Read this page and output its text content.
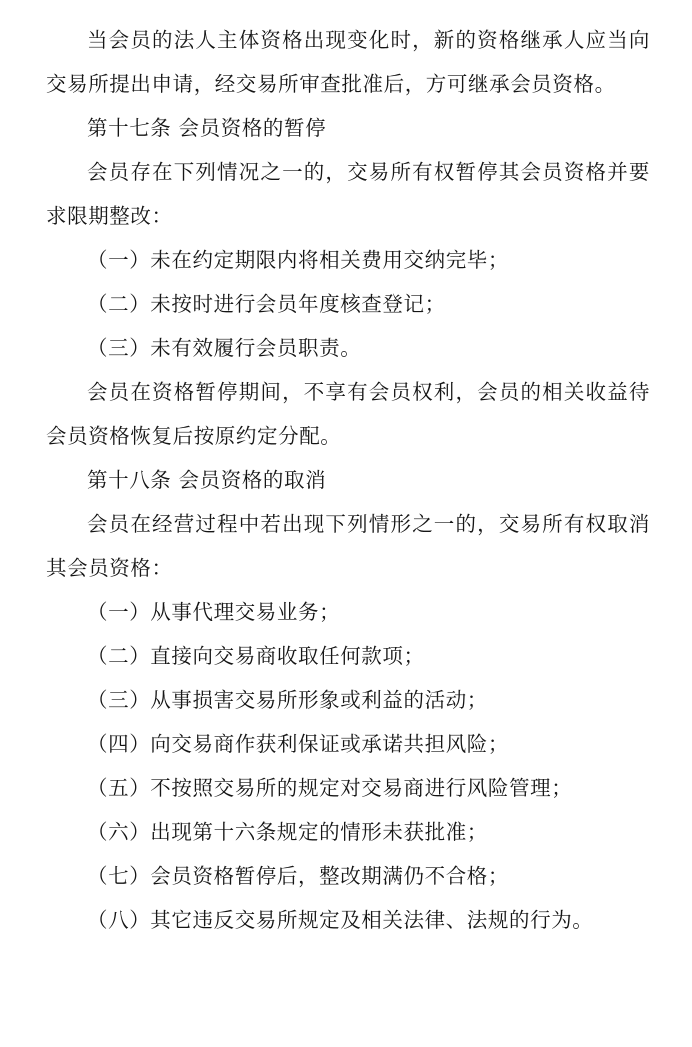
当会员的法人主体资格出现变化时，新的资格继承人应当向交易所提出申请，经交易所审查批准后，方可继承会员资格。

第十七条 会员资格的暂停

会员存在下列情况之一的，交易所有权暂停其会员资格并要求限期整改：

（一）未在约定期限内将相关费用交纳完毕；

（二）未按时进行会员年度核查登记；

（三）未有效履行会员职责。

会员在资格暂停期间，不享有会员权利，会员的相关收益待会员资格恢复后按原约定分配。

第十八条 会员资格的取消

会员在经营过程中若出现下列情形之一的，交易所有权取消其会员资格：

（一）从事代理交易业务；

（二）直接向交易商收取任何款项；

（三）从事损害交易所形象或利益的活动；

（四）向交易商作获利保证或承诺共担风险；

（五）不按照交易所的规定对交易商进行风险管理；

（六）出现第十六条规定的情形未获批准；

（七）会员资格暂停后，整改期满仍不合格；

（八）其它违反交易所规定及相关法律、法规的行为。
